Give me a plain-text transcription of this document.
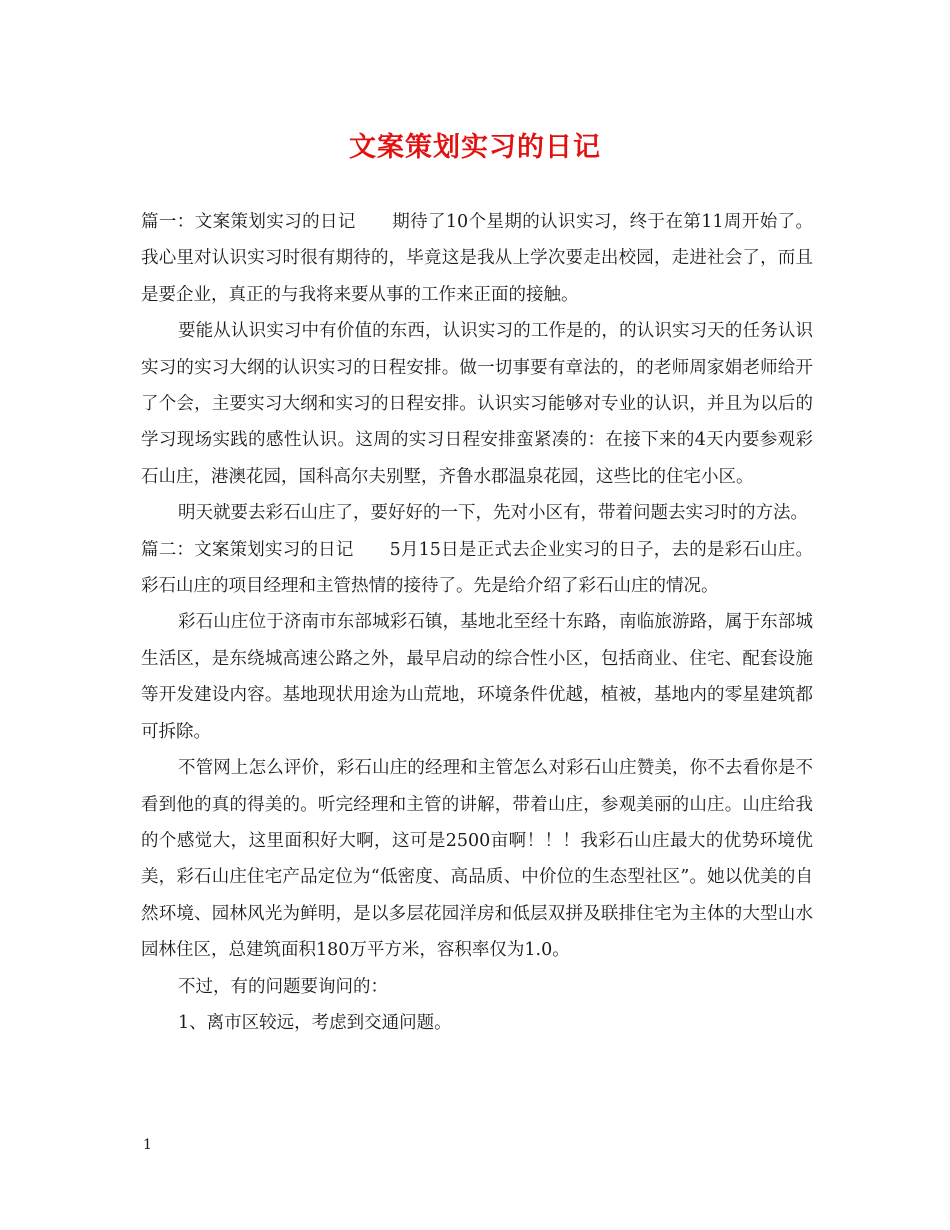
文案策划实习的日记

篇一：文案策划实习的日记 期待了10个星期的认识实习，终于在第11周开始了。我心里对认识实习时很有期待的，毕竟这是我从上学次要走出校园，走进社会了，而且是要企业，真正的与我将来要从事的工作来正面的接触。

要能从认识实习中有价值的东西，认识实习的工作是的，的认识实习天的任务认识实习的实习大纲的认识实习的日程安排。做一切事要有章法的，的老师周家娟老师给开了个会，主要实习大纲和实习的日程安排。认识实习能够对专业的认识，并且为以后的学习现场实践的感性认识。这周的实习日程安排蛮紧凑的：在接下来的4天内要参观彩石山庄，港澳花园，国科高尔夫别墅，齐鲁水郡温泉花园，这些比的住宅小区。

明天就要去彩石山庄了，要好好的一下，先对小区有，带着问题去实习时的方法。

篇二：文案策划实习的日记 5月15日是正式去企业实习的日子，去的是彩石山庄。彩石山庄的项目经理和主管热情的接待了。先是给介绍了彩石山庄的情况。

彩石山庄位于济南市东部城彩石镇，基地北至经十东路，南临旅游路，属于东部城生活区，是东绕城高速公路之外，最早启动的综合性小区，包括商业、住宅、配套设施等开发建设内容。基地现状用途为山荒地，环境条件优越，植被，基地内的零星建筑都可拆除。

不管网上怎么评价，彩石山庄的经理和主管怎么对彩石山庄赞美，你不去看你是不看到他的真的得美的。听完经理和主管的讲解，带着山庄，参观美丽的山庄。山庄给我的个感觉大，这里面积好大啊，这可是2500亩啊！！！我彩石山庄最大的优势环境优美，彩石山庄住宅产品定位为“低密度、高品质、中价位的生态型社区”。她以优美的自然环境、园林风光为鲜明，是以多层花园洋房和低层双拼及联排住宅为主体的大型山水园林住区，总建筑面积180万平方米，容积率仅为1.0。

不过，有的问题要询问的：

1、离市区较远，考虑到交通问题。

1
